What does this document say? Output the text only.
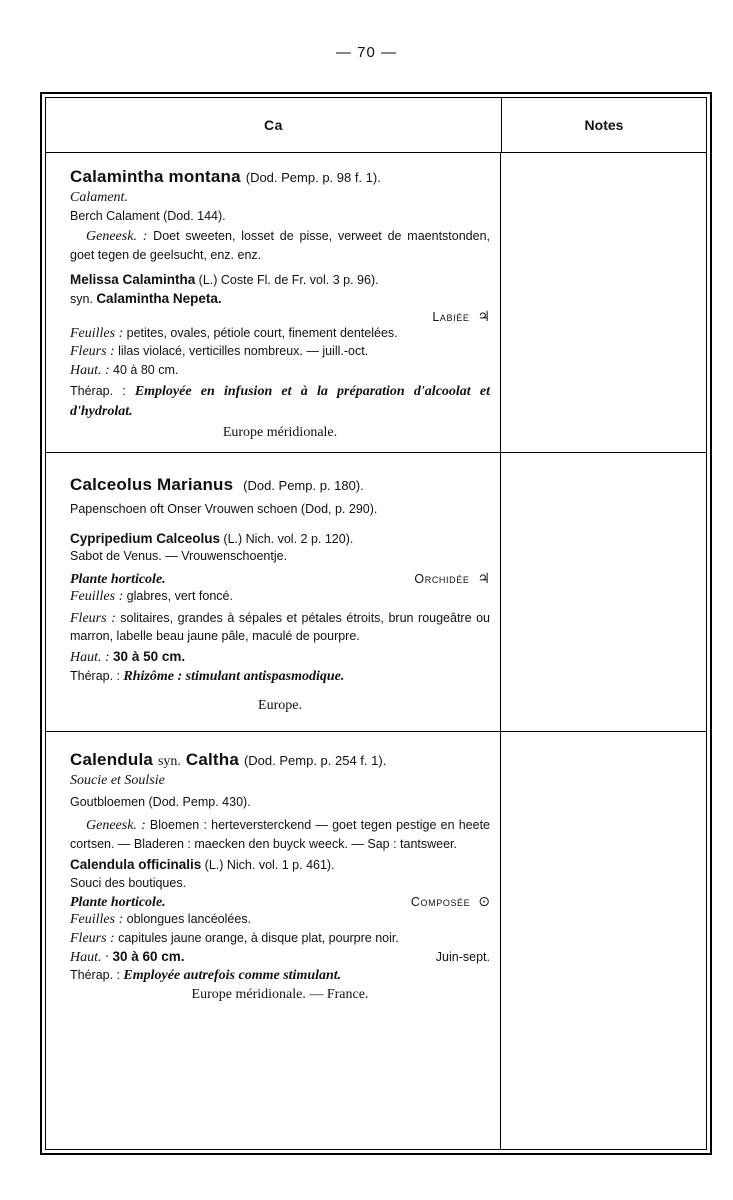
— 70 —
Ca	Notes
Calamintha montana (Dod. Pemp. p. 98 f. 1).
Calament.
Berch Calament (Dod. 144).
Geneesk. : Doet sweeten, losset de pisse, verweet de maentstonden, goet tegen de geelsucht, enz. enz.
Melissa Calamintha (L.) Coste Fl. de Fr. vol. 3 p. 96).
syn. Calamintha Nepeta.
Labiée ♃
Feuilles : petites, ovales, pétiole court, finement dentelées.
Fleurs : lilas violacé, verticilles nombreux. — juill.-oct.
Haut. : 40 à 80 cm.
Thérap. : Employée en infusion et à la préparation d'alcoolat et d'hydrolat.
Europe méridionale.
Calceolus Marianus (Dod. Pemp. p. 180).
Papenschoen oft Onser Vrouwen schoen (Dod, p. 290).
Cypripedium Calceolus (L.) Nich. vol. 2 p. 120).
Sabot de Venus. — Vrouwenschoentje.
Plante horticole.	Orchidée ♃
Feuilles : glabres, vert foncé.
Fleurs : solitaires, grandes à sépales et pétales étroits, brun rougeâtre ou marron, labelle beau jaune pâle, maculé de pourpre.
Haut. : 30 à 50 cm.
Thérap. : Rhizôme : stimulant antispasmodique.
Europe.
Calendula syn. Caltha (Dod. Pemp. p. 254 f. 1).
Soucie et Soulsie
Goutbloemen (Dod. Pemp. 430).
Geneesk. : Bloemen : herteversterckend — goet tegen pestige en heete cortsen. — Bladeren : maecken den buyck weeck. — Sap : tantsweer.
Calendula officinalis (L.) Nich. vol. 1 p. 461).
Souci des boutiques.
Plante horticole.	Composée ⊙
Feuilles : oblongues lancéolées.
Fleurs : capitules jaune orange, à disque plat, pourpre noir.
Haut. · 30 à 60 cm.	Juin-sept.
Thérap. : Employée autrefois comme stimulant.
Europe méridionale. — France.
